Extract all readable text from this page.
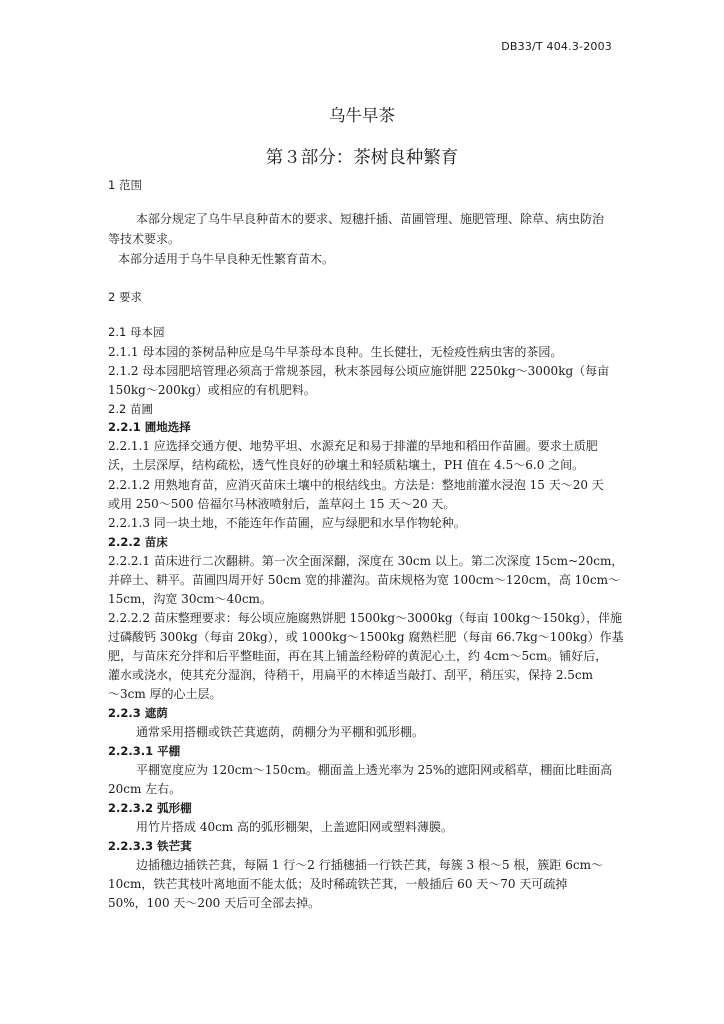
DB33/T 404.3-2003
乌牛早茶
第３部分：茶树良种繁育
1 范围
本部分规定了乌牛早良种苗木的要求、短穗扦插、苗圃管理、施肥管理、除草、病虫防治
等技术要求。
本部分适用于乌牛早良种无性繁育苗木。
2 要求
2.1 母本园
2.1.1 母本园的茶树品种应是乌牛早茶母本良种。生长健壮，无检疫性病虫害的茶园。
2.1.2 母本园肥培管理必须高于常规茶园，秋末茶园每公顷应施饼肥 2250kg～3000kg（每亩
150kg～200kg）或相应的有机肥料。
2.2 苗圃
2.2.1 圃地选择
2.2.1.1 应选择交通方便、地势平坦、水源充足和易于排灌的旱地和稻田作苗圃。要求土质肥
沃，土层深厚，结构疏松，透气性良好的砂壤土和轻质粘壤土，PH 值在 4.5～6.0 之间。
2.2.1.2 用熟地育苗，应消灭苗床土壤中的根结线虫。方法是：整地前灌水浸泡 15 天～20 天
或用 250～500 倍福尔马林液喷射后，盖草闷土 15 天～20 天。
2.2.1.3 同一块土地，不能连年作苗圃，应与绿肥和水旱作物轮种。
2.2.2 苗床
2.2.2.1 苗床进行二次翻耕。第一次全面深翻，深度在 30cm 以上。第二次深度 15cm~20cm，
并碎土、耕平。苗圃四周开好 50cm 宽的排灌沟。苗床规格为宽 100cm～120cm，高 10cm～
15cm，沟宽 30cm～40cm。
2.2.2.2 苗床整理要求：每公顷应施腐熟饼肥 1500kg～3000kg（每亩 100kg～150kg），伴施
过磷酸钙 300kg（每亩 20kg），或 1000kg～1500kg 腐熟栏肥（每亩 66.7kg～100kg）作基
肥，与苗床充分拌和后平整畦面，再在其上铺盖经粉碎的黄泥心土，约 4cm～5cm。铺好后，
灌水或浇水，使其充分湿润，待稍干，用扁平的木棒适当敲打、刮平，稍压实，保持 2.5cm
～3cm 厚的心土层。
2.2.3 遮荫
通常采用搭棚或铁芒萁遮荫，荫棚分为平棚和弧形棚。
2.2.3.1 平棚
平棚宽度应为 120cm～150cm。棚面盖上透光率为 25%的遮阳网或稻草，棚面比畦面高
20cm 左右。
2.2.3.2 弧形棚
用竹片搭成 40cm 高的弧形棚架，上盖遮阳网或塑料薄膜。
2.2.3.3 铁芒萁
边插穗边插铁芒萁，每隔 1 行～2 行插穗插一行铁芒萁，每簇 3 根～5 根，簇距 6cm～
10cm，铁芒萁枝叶离地面不能太低；及时稀疏铁芒萁，一般插后 60 天～70 天可疏掉
50%，100 天～200 天后可全部去掉。
